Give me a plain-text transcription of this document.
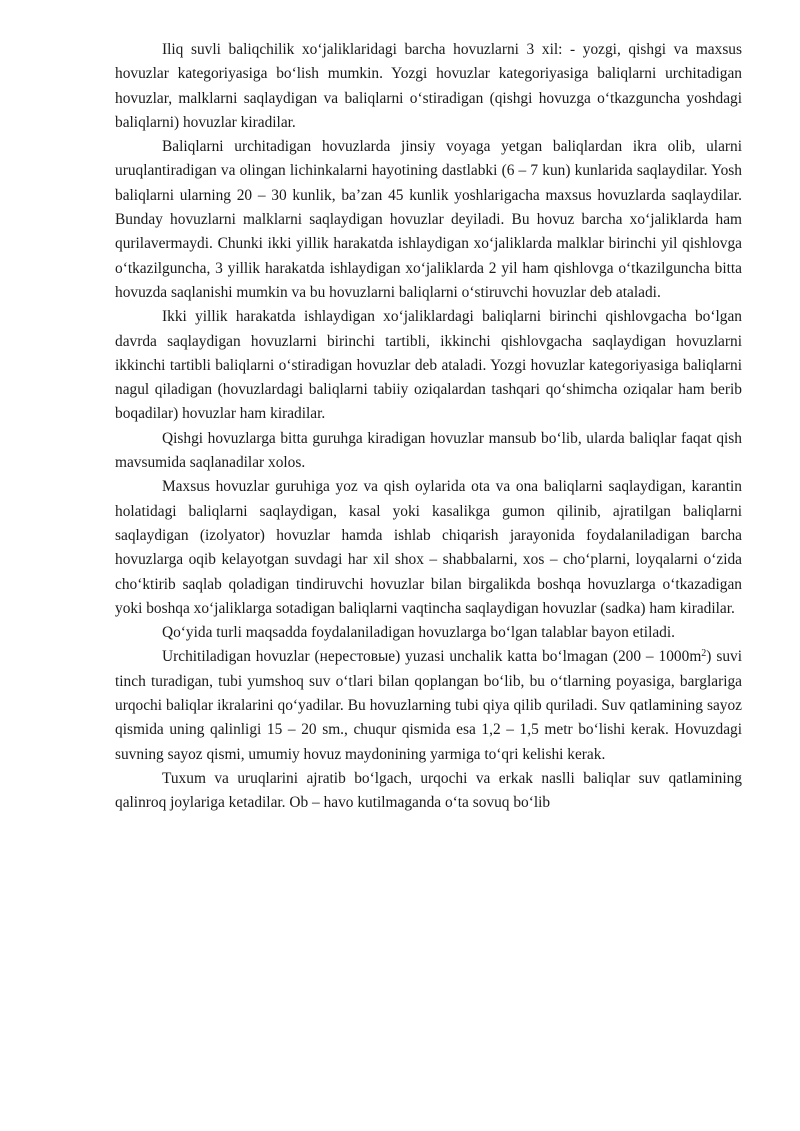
Iliq suvli baliqchilik xo‘jaliklaridagi barcha hovuzlarni 3 xil: - yozgi, qishgi va maxsus hovuzlar kategoriyasiga bo‘lish mumkin. Yozgi hovuzlar kategoriyasiga baliqlarni urchitadigan hovuzlar, malklarni saqlaydigan va baliqlarni o‘stiradigan (qishgi hovuzga o‘tkazguncha yoshdagi baliqlarni) hovuzlar kiradilar.

Baliqlarni urchitadigan hovuzlarda jinsiy voyaga yetgan baliqlardan ikra olib, ularni uruqlantiradigan va olingan lichinkalarni hayotining dastlabki (6 – 7 kun) kunlarida saqlaydilar. Yosh baliqlarni ularning 20 – 30 kunlik, ba’zan 45 kunlik yoshlarigacha maxsus hovuzlarda saqlaydilar. Bunday hovuzlarni malklarni saqlaydigan hovuzlar deyiladi. Bu hovuz barcha xo‘jaliklarda ham qurilavermaydi. Chunki ikki yillik harakatda ishlaydigan xo‘jaliklarda malklar birinchi yil qishlovga o‘tkazilguncha, 3 yillik harakatda ishlaydigan xo‘jaliklarda 2 yil ham qishlovga o‘tkazilguncha bitta hovuzda saqlanishi mumkin va bu hovuzlarni baliqlarni o‘stiruvchi hovuzlar deb ataladi.

Ikki yillik harakatda ishlaydigan xo‘jaliklardagi baliqlarni birinchi qishlovgacha bo‘lgan davrda saqlaydigan hovuzlarni birinchi tartibli, ikkinchi qishlovgacha saqlaydigan hovuzlarni ikkinchi tartibli baliqlarni o‘stiradigan hovuzlar deb ataladi. Yozgi hovuzlar kategoriyasiga baliqlarni nagul qiladigan (hovuzlardagi baliqlarni tabiiy oziqalardan tashqari qo‘shimcha oziqalar ham berib boqadilar) hovuzlar ham kiradilar.

Qishgi hovuzlarga bitta guruhga kiradigan hovuzlar mansub bo‘lib, ularda baliqlar faqat qish mavsumida saqlanadilar xolos.

Maxsus hovuzlar guruhiga yoz va qish oylarida ota va ona baliqlarni saqlaydigan, karantin holatidagi baliqlarni saqlaydigan, kasal yoki kasalikga gumon qilinib, ajratilgan baliqlarni saqlaydigan (izolyator) hovuzlar hamda ishlab chiqarish jarayonida foydalaniladigan barcha hovuzlarga oqib kelayotgan suvdagi har xil shox – shabbalarni, xos – cho‘plarni, loyqalarni o‘zida cho‘ktirib saqlab qoladigan tindiruvchi hovuzlar bilan birgalikda boshqa hovuzlarga o‘tkazadigan yoki boshqa xo‘jaliklarga sotadigan baliqlarni vaqtincha saqlaydigan hovuzlar (sadka) ham kiradilar.

Qo‘yida turli maqsadda foydalaniladigan hovuzlarga bo‘lgan talablar bayon etiladi.

Urchitiladigan hovuzlar (нерестовые) yuzasi unchalik katta bo‘lmagan $(200 - 1000m^2)$ suvi tinch turadigan, tubi yumshoq suv o‘tlari bilan qoplangan bo‘lib, bu o‘tlarning poyasiga, barglariga urqochi baliqlar ikralarini qo‘yadilar. Bu hovuzlarning tubi qiya qilib quriladi. Suv qatlamining sayoz qismida uning qalinligi 15 – 20 sm., chuqur qismida esa 1,2 – 1,5 metr bo‘lishi kerak. Hovuzdagi suvning sayoz qismi, umumiy hovuz maydonining yarmiga to‘qri kelishi kerak.

Tuxum va uruqlarini ajratib bo‘lgach, urqochi va erkak naslli baliqlar suv qatlamining qalinroq joylariga ketadilar. Ob – havo kutilmaganda o‘ta sovuq bo‘lib
